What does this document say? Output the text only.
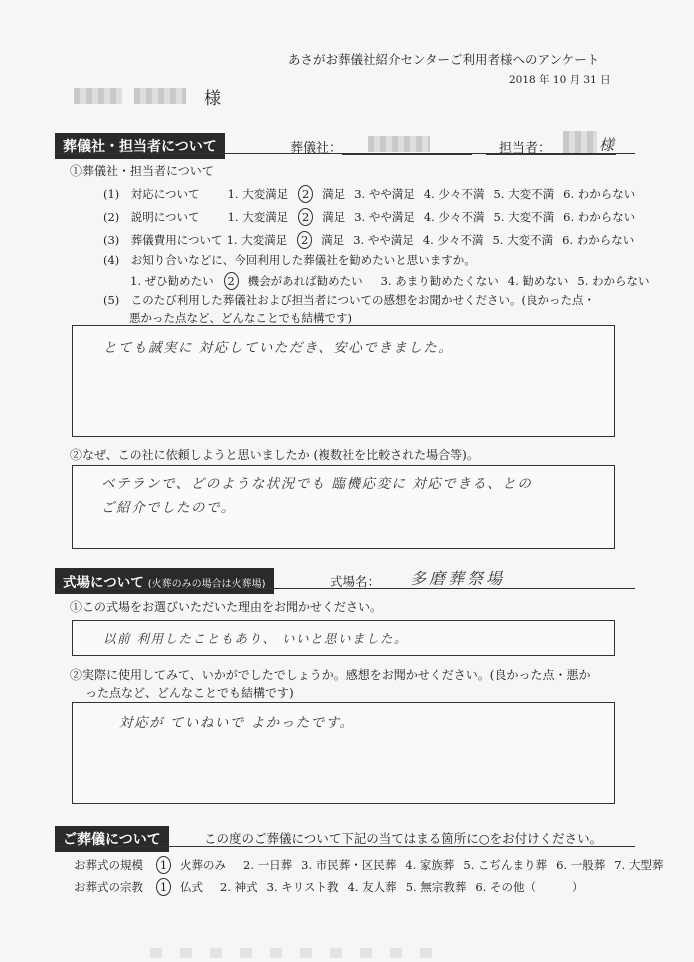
あさがお葬儀社紹介センターご利用者様へのアンケート
2018 年 10 月 31 日
様
葬儀社・担当者について	葬儀社：	担当者：	様
①葬儀社・担当者について
(1)　対応について 1. 大変満足 2 満足 3. やや満足 4. 少々不満 5. 大変不満 6. わからない
(2)　説明について 1. 大変満足 2 満足 3. やや満足 4. 少々不満 5. 大変不満 6. わからない
(3)　葬儀費用について 1. 大変満足 2 満足 3. やや満足 4. 少々不満 5. 大変不満 6. わからない
(4)　お知り合いなどに、今回利用した葬儀社を勧めたいと思いますか。
1. ぜひ勧めたい 2 機会があれば勧めたい 3. あまり勧めたくない 4. 勧めない 5. わからない
(5)　このたび利用した葬儀社および担当者についての感想をお聞かせください。(良かった点・
悪かった点など、どんなことでも結構です)
とても誠実に 対応していただき、安心できました。
②なぜ、この社に依頼しようと思いましたか (複数社を比較された場合等)。
ベテランで、どのような状況でも 臨機応変に 対応できる、との
ご紹介でしたので。
式場について (火葬のみの場合は火葬場)	式場名： 多磨葬祭場
①この式場をお選びいただいた理由をお聞かせください。
以前 利用したこともあり、 いいと思いました。
②実際に使用してみて、いかがでしたでしょうか。感想をお聞かせください。(良かった点・悪か
った点など、どんなことでも結構です)
対応が ていねいで よかったです。
ご葬儀について	この度のご葬儀について下記の当てはまる箇所に○をお付けください。
お葬式の規模 1 火葬のみ 2. 一日葬 3. 市民葬・区民葬 4. 家族葬 5. こぢんまり葬 6. 一般葬 7. 大型葬
お葬式の宗教 1 仏式 2. 神式 3. キリスト教 4. 友人葬 5. 無宗教葬 6. その他（	）
